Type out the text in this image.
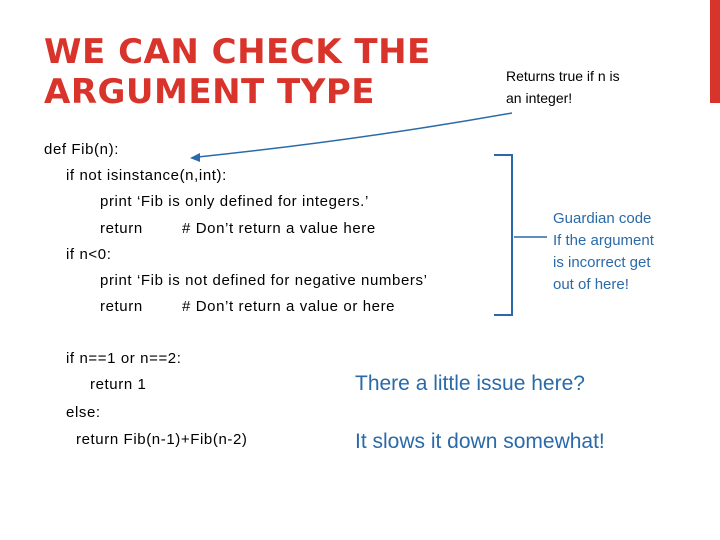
WE CAN CHECK THE
ARGUMENT TYPE	Returns true if n is
an integer!
def Fib(n):
if not isinstance(n,int):
print ‘Fib is only defined for integers.’
return	# Don’t return a value here
if n<0:
print ‘Fib is not defined for negative numbers’
return	# Don’t return a value or here
if n==1 or n==2:
return 1
else:
return Fib(n-1)+Fib(n-2)
Guardian code
If the argument
is incorrect get
out of here!
There a little issue here?
It slows it down somewhat!
